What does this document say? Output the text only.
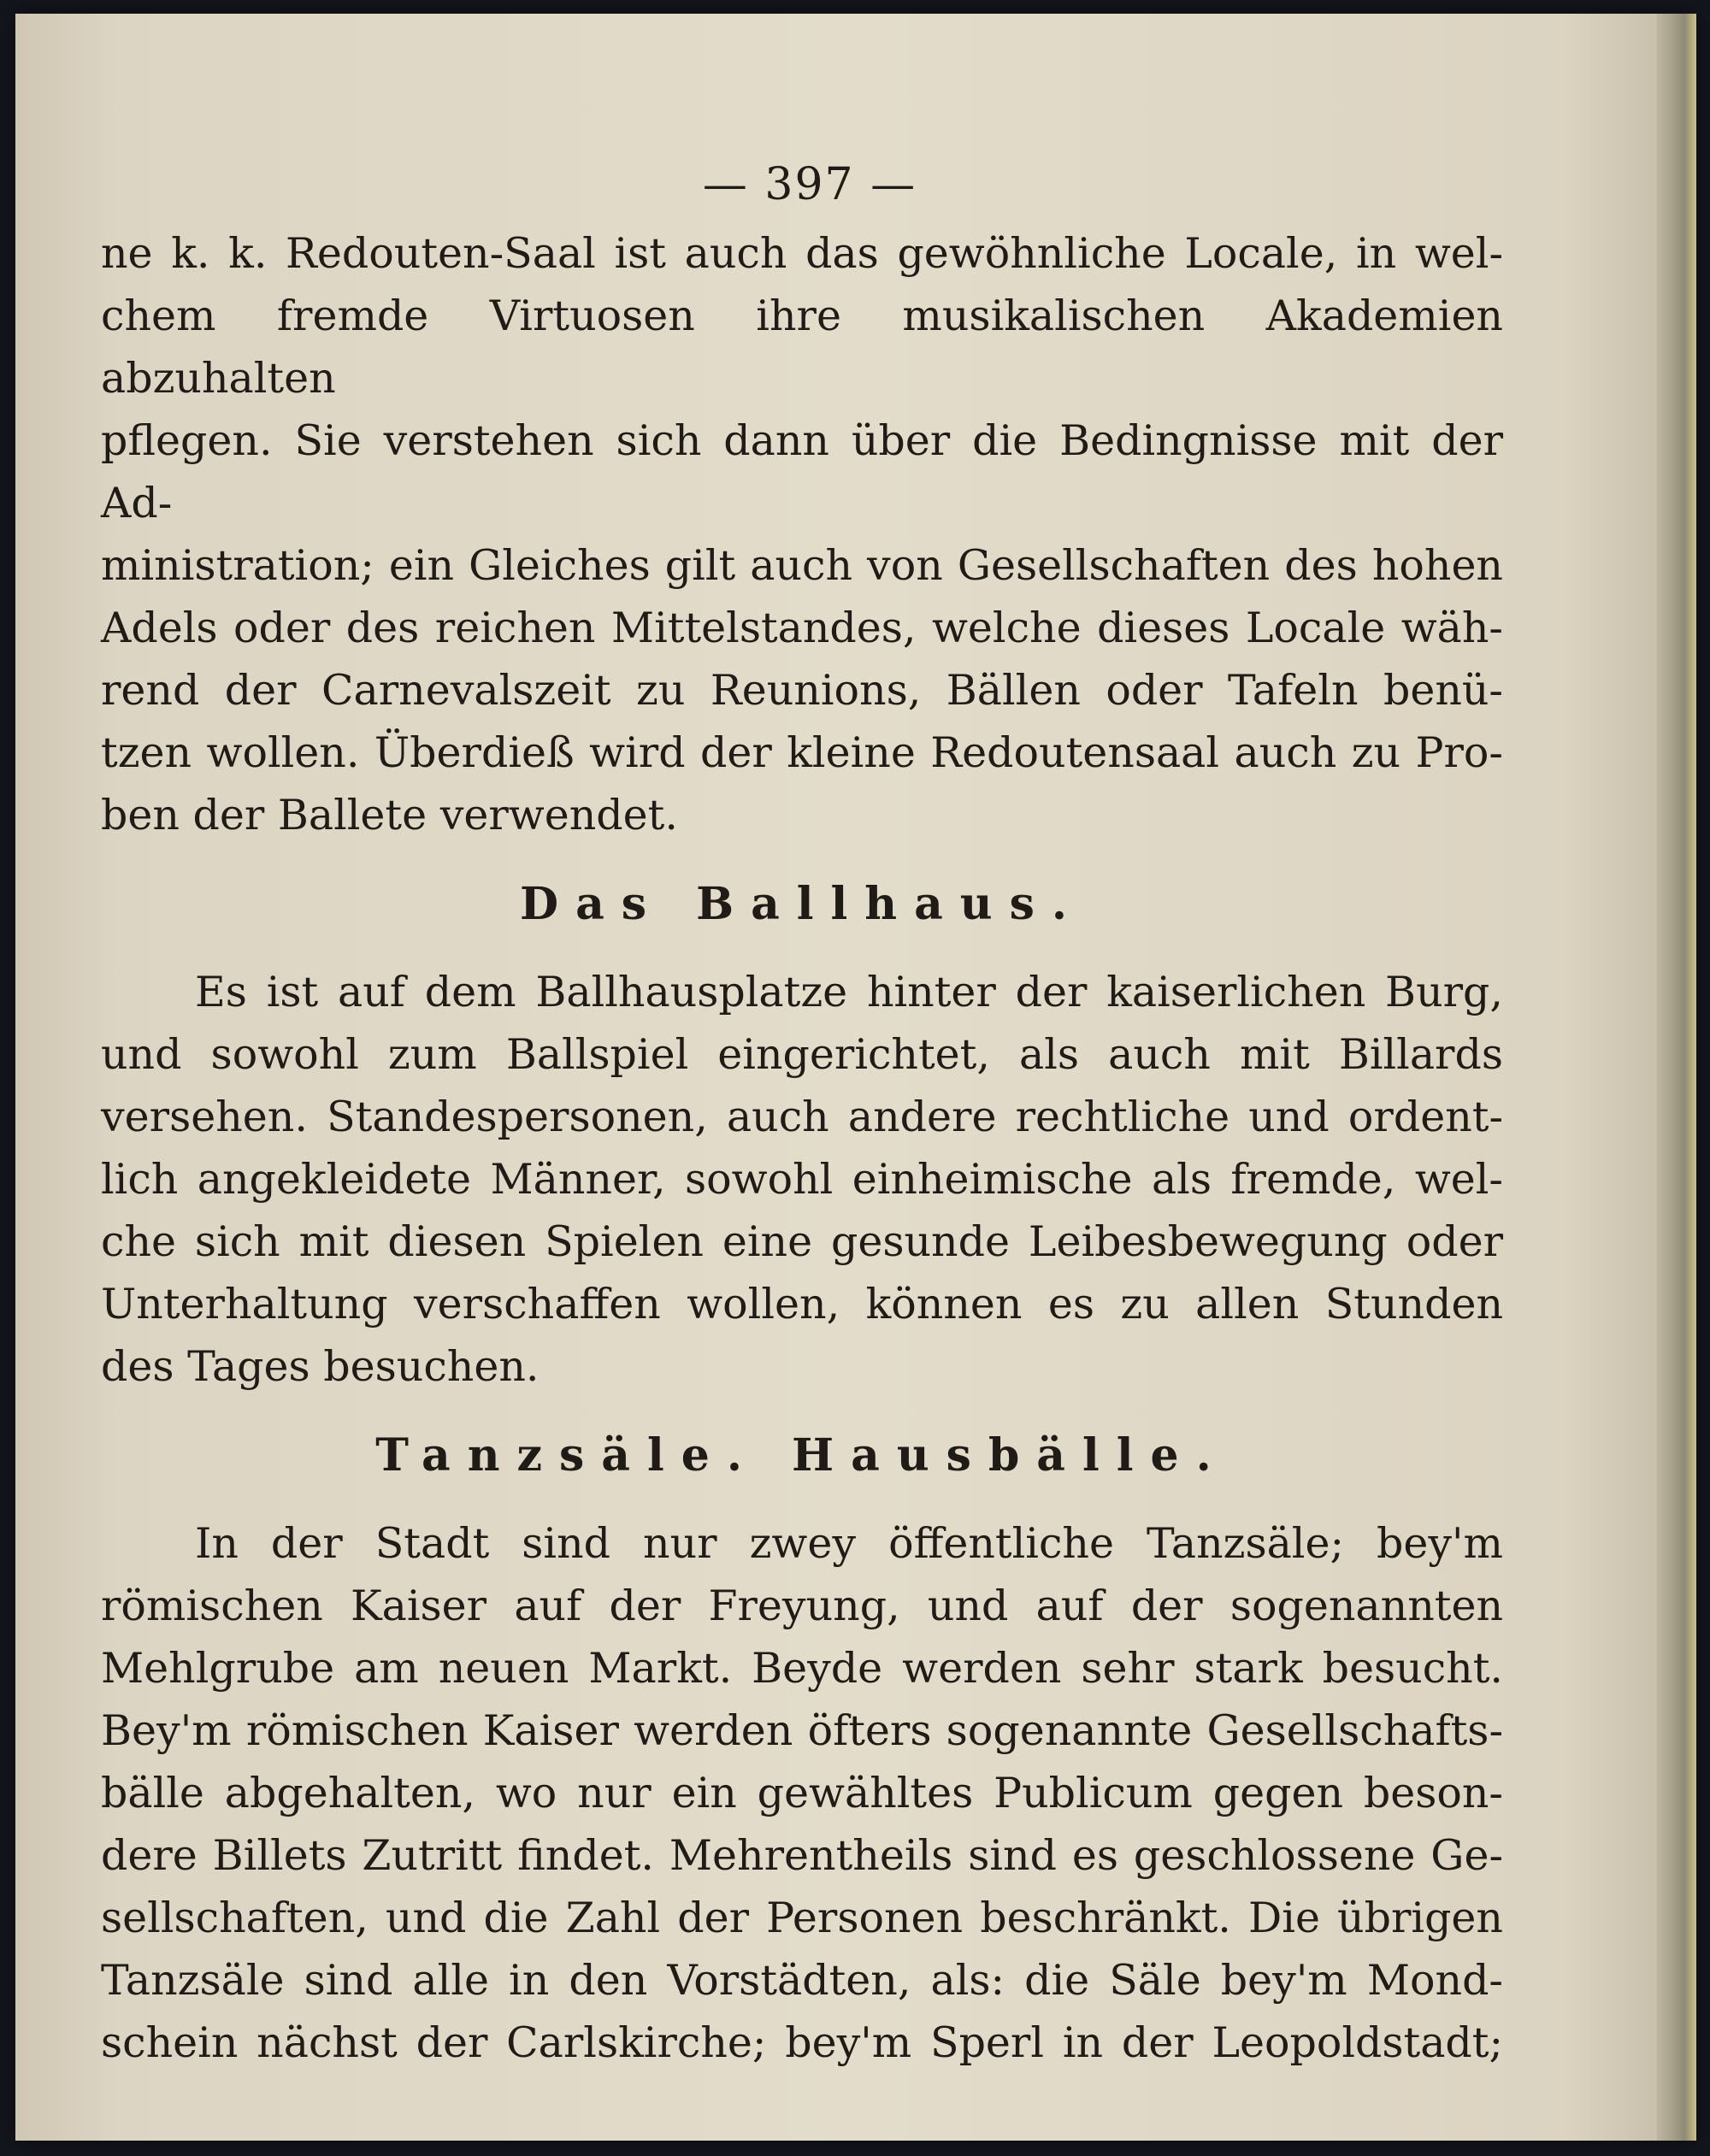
— 397 —
ne k. k. Redouten-Saal ist auch das gewöhnliche Locale, in wel-
chem fremde Virtuosen ihre musikalischen Akademien abzuhalten
pflegen. Sie verstehen sich dann über die Bedingnisse mit der Ad-
ministration; ein Gleiches gilt auch von Gesellschaften des hohen
Adels oder des reichen Mittelstandes, welche dieses Locale wäh-
rend der Carnevalszeit zu Reunions, Bällen oder Tafeln benü-
tzen wollen. Überdieß wird der kleine Redoutensaal auch zu Pro-
ben der Ballete verwendet.
Das Ballhaus.
Es ist auf dem Ballhausplatze hinter der kaiserlichen Burg,
und sowohl zum Ballspiel eingerichtet, als auch mit Billards
versehen. Standespersonen, auch andere rechtliche und ordent-
lich angekleidete Männer, sowohl einheimische als fremde, wel-
che sich mit diesen Spielen eine gesunde Leibesbewegung oder
Unterhaltung verschaffen wollen, können es zu allen Stunden
des Tages besuchen.
Tanzsäle. Hausbälle.
In der Stadt sind nur zwey öffentliche Tanzsäle; bey'm
römischen Kaiser auf der Freyung, und auf der sogenannten
Mehlgrube am neuen Markt. Beyde werden sehr stark besucht.
Bey'm römischen Kaiser werden öfters sogenannte Gesellschafts-
bälle abgehalten, wo nur ein gewähltes Publicum gegen beson-
dere Billets Zutritt findet. Mehrentheils sind es geschlossene Ge-
sellschaften, und die Zahl der Personen beschränkt. Die übrigen
Tanzsäle sind alle in den Vorstädten, als: die Säle bey'm Mond-
schein nächst der Carlskirche; bey'm Sperl in der Leopoldstadt;
